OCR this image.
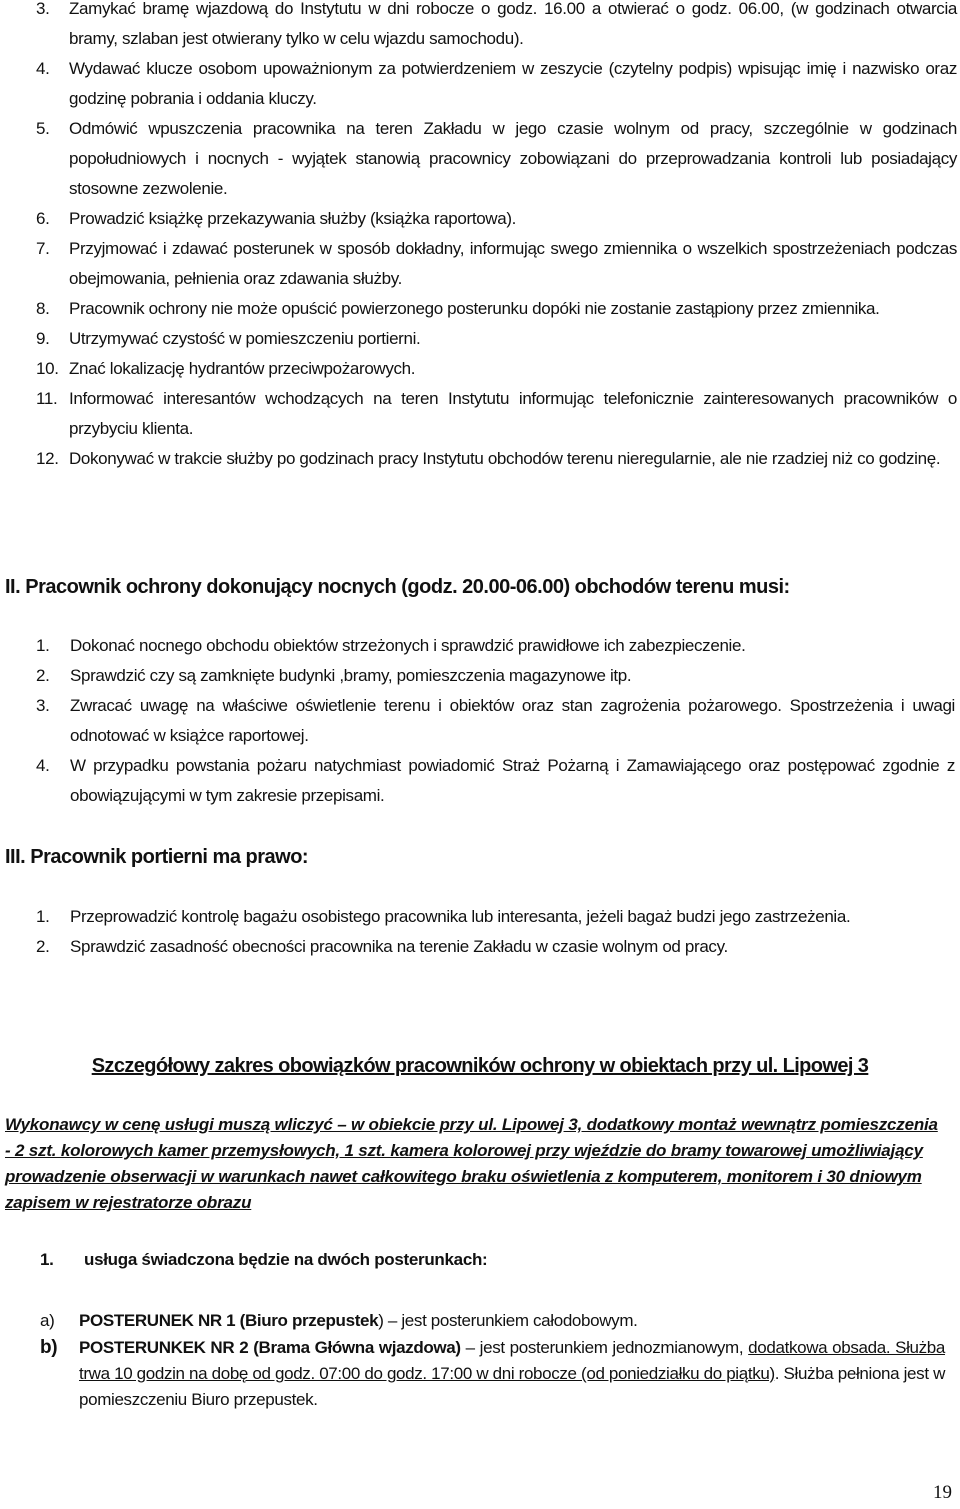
3. Zamykać bramę wjazdową do Instytutu w dni robocze o godz. 16.00 a otwierać o godz. 06.00, (w godzinach otwarcia bramy, szlaban jest otwierany tylko w celu wjazdu samochodu).
4. Wydawać klucze osobom upoważnionym za potwierdzeniem w zeszycie (czytelny podpis) wpisując imię i nazwisko oraz godzinę pobrania i oddania kluczy.
5. Odmówić wpuszczenia pracownika na teren Zakładu w jego czasie wolnym od pracy, szczególnie w godzinach popołudniowych i nocnych - wyjątek stanowią pracownicy zobowiązani do przeprowadzania kontroli lub posiadający stosowne zezwolenie.
6. Prowadzić książkę przekazywania służby (książka raportowa).
7. Przyjmować i zdawać posterunek w sposób dokładny, informując swego zmiennika o wszelkich spostrzeżeniach podczas obejmowania, pełnienia oraz zdawania służby.
8. Pracownik ochrony nie może opuścić powierzonego posterunku dopóki nie zostanie zastąpiony przez zmiennika.
9. Utrzymywać czystość w pomieszczeniu portierni.
10. Znać lokalizację hydrantów przeciwpożarowych.
11. Informować interesantów wchodzących na teren Instytutu informując telefonicznie zainteresowanych pracowników o przybyciu klienta.
12. Dokonywać w trakcie służby po godzinach pracy Instytutu obchodów terenu nieregularnie, ale nie rzadziej niż co godzinę.
II. Pracownik ochrony dokonujący nocnych (godz. 20.00-06.00) obchodów terenu musi:
1. Dokonać nocnego obchodu obiektów strzeżonych i sprawdzić prawidłowe ich zabezpieczenie.
2. Sprawdzić czy są zamknięte budynki ,bramy, pomieszczenia magazynowe itp.
3. Zwracać uwagę na właściwe oświetlenie terenu i obiektów oraz stan zagrożenia pożarowego. Spostrzeżenia i uwagi odnotować w książce raportowej.
4. W przypadku powstania pożaru natychmiast powiadomić Straż Pożarną i Zamawiającego oraz postępować zgodnie z obowiązującymi w tym zakresie przepisami.
III. Pracownik portierni ma prawo:
1. Przeprowadzić kontrolę bagażu osobistego pracownika lub interesanta, jeżeli bagaż budzi jego zastrzeżenia.
2. Sprawdzić zasadność obecności pracownika na terenie Zakładu w czasie wolnym od pracy.
Szczegółowy zakres obowiązków pracowników ochrony w obiektach przy ul. Lipowej 3

Wykonawcy w cenę usługi muszą wliczyć – w obiekcie przy ul. Lipowej 3, dodatkowy montaż wewnątrz pomieszczenia - 2 szt. kolorowych kamer przemysłowych, 1 szt. kamera kolorowej przy wjeździe do bramy towarowej umożliwiający prowadzenie obserwacji w warunkach nawet całkowitego braku oświetlenia z komputerem, monitorem i 30 dniowym zapisem w rejestratorze obrazu

1. usługa świadczona będzie na dwóch posterunkach:
a) POSTERUNEK NR 1 (Biuro przepustek) – jest posterunkiem całodobowym.
b) POSTERUNKEK NR 2 (Brama Główna wjazdowa) – jest posterunkiem jednozmianowym, dodatkowa obsada. Służba trwa 10 godzin na dobę od godz. 07:00 do godz. 17:00 w dni robocze (od poniedziałku do piątku). Służba pełniona jest w pomieszczeniu Biuro przepustek.
19
